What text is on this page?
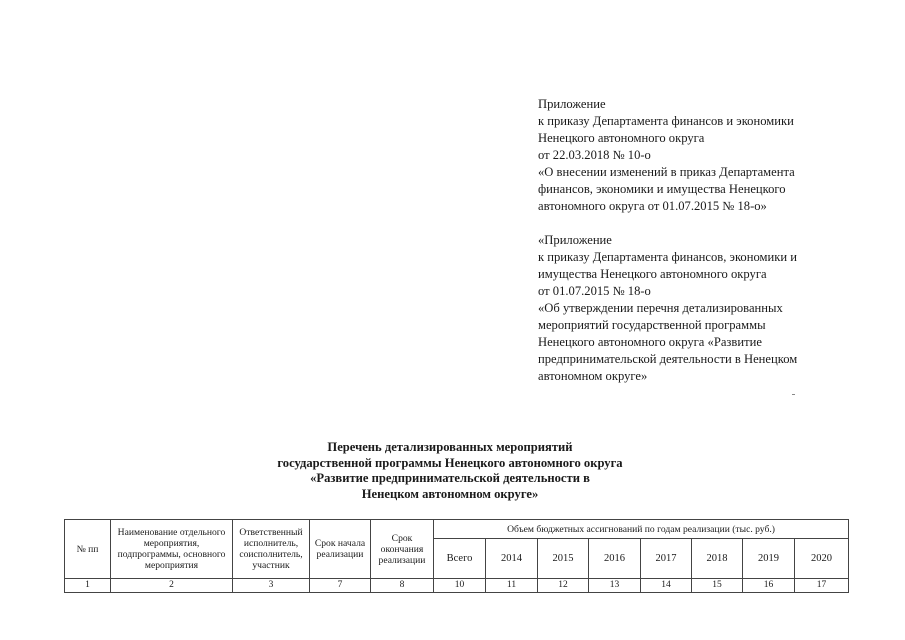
Приложение
к приказу Департамента финансов и экономики
Ненецкого автономного округа
от 22.03.2018 № 10-о
«О внесении изменений в приказ Департамента
финансов, экономики и имущества Ненецкого
автономного округа от 01.07.2015 № 18-о»
«Приложение
к приказу Департамента финансов, экономики и
имущества Ненецкого автономного округа
от 01.07.2015 № 18-о
«Об утверждении перечня детализированных
мероприятий государственной программы
Ненецкого автономного округа «Развитие
предпринимательской деятельности в Ненецком
автономном округе»
Перечень детализированных мероприятий
государственной программы Ненецкого автономного округа
«Развитие предпринимательской деятельности в
Ненецком автономном округе»
№ пп	Наименование отдельного мероприятия, подпрограммы, основного мероприятия	Ответственный исполнитель, соисполнитель, участник	Срок начала реализации	Срок окончания реализации	Объем бюджетных ассигнований по годам реализации (тыс. руб.)							
					Всего	2014	2015	2016	2017	2018	2019	2020
1	2	3	7	8	10	11	12	13	14	15	16	17
